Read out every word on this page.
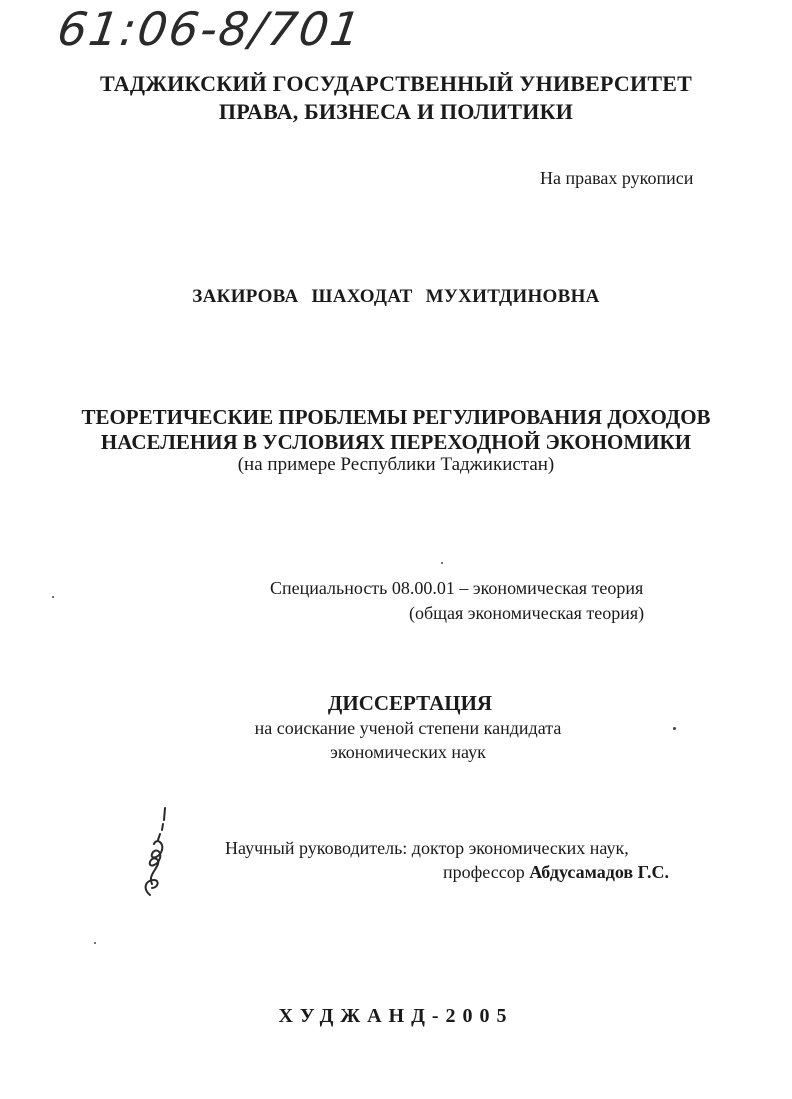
61:06-8/701
ТАДЖИКСКИЙ ГОСУДАРСТВЕННЫЙ УНИВЕРСИТЕТ
ПРАВА, БИЗНЕСА И ПОЛИТИКИ
На правах рукописи
ЗАКИРОВА ШАХОДАТ МУХИТДИНОВНА
ТЕОРЕТИЧЕСКИЕ ПРОБЛЕМЫ РЕГУЛИРОВАНИЯ ДОХОДОВ
НАСЕЛЕНИЯ В УСЛОВИЯХ ПЕРЕХОДНОЙ ЭКОНОМИКИ
(на примере Республики Таджикистан)
Специальность 08.00.01 – экономическая теория
(общая экономическая теория)
ДИССЕРТАЦИЯ
на соискание ученой степени кандидата
экономических наук
Научный руководитель: доктор экономических наук,
профессор Абдусамадов Г.С.
ХУДЖАНД-2005
